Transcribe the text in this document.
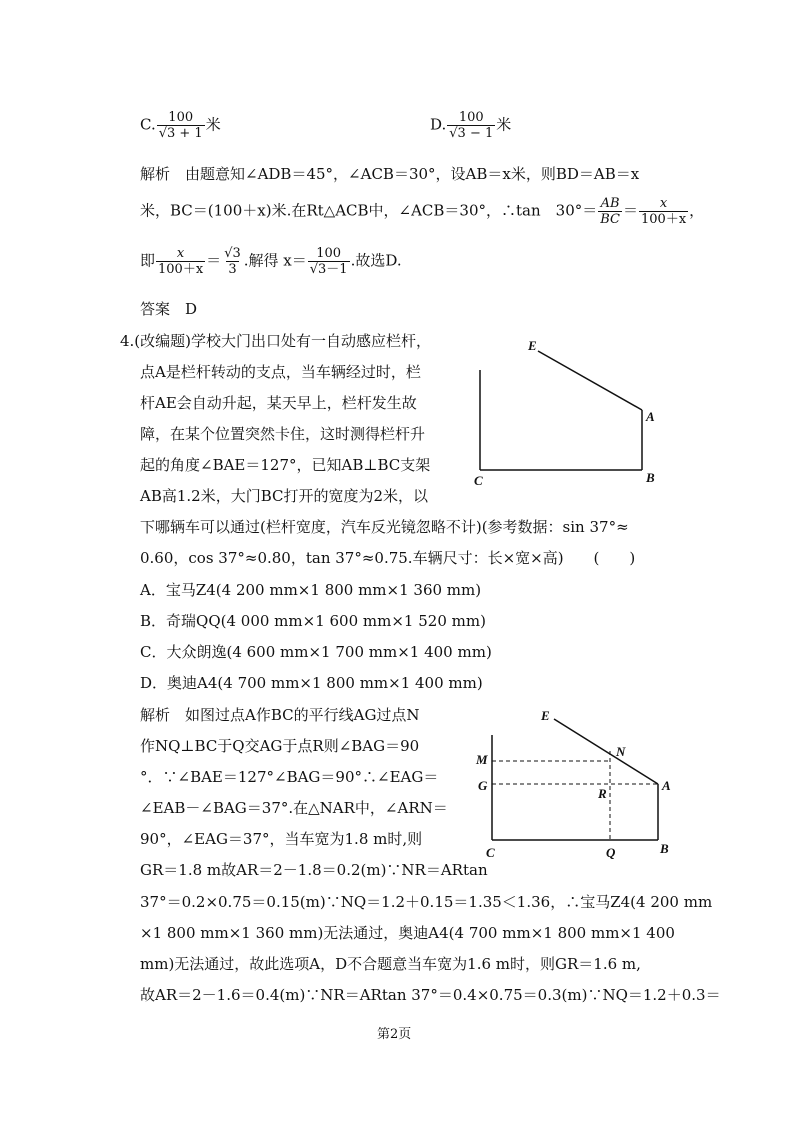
C. $\frac{100}{√3 + 1}$ 米	D. $\frac{100}{√3 - 1}$ 米
解析　由题意知∠ADB＝45°，∠ACB＝30°，设AB＝x米，则BD＝AB＝x
米，BC＝(100＋x)米.在Rt△ACB中，∠ACB＝30°，∴tan　$30^\circ= \frac{AB}{BC} = \frac{x}{100+x}$ ，
即 $\frac{x}{100+x} = \frac{√3}{3}$ .解得 $x= \frac{100}{√3-1}$ .故选D.
答案　D
4.(改编题)学校大门出口处有一自动感应栏杆，
点A是栏杆转动的支点，当车辆经过时，栏
杆AE会自动升起，某天早上，栏杆发生故
障，在某个位置突然卡住，这时测得栏杆升
起的角度∠BAE＝127°，已知AB⊥BC支架
AB高1.2米，大门BC打开的宽度为2米，以
下哪辆车可以通过(栏杆宽度，汽车反光镜忽略不计)(参考数据：sin 37°≈
0.60，cos 37°≈0.80，tan 37°≈0.75.车辆尺寸：长×宽×高)　　(　　)
A．宝马Z4(4 200 mm×1 800 mm×1 360 mm)
B．奇瑞QQ(4 000 mm×1 600 mm×1 520 mm)
C．大众朗逸(4 600 mm×1 700 mm×1 400 mm)
D．奥迪A4(4 700 mm×1 800 mm×1 400 mm)
E
A
B
C
解析　如图过点A作BC的平行线AG过点N
作NQ⊥BC于Q交AG于点R则∠BAG＝90
°．∵∠BAE＝127°∠BAG＝90°∴∠EAG＝
∠EAB－∠BAG＝37°.在△NAR中，∠ARN＝
90°，∠EAG＝37°，当车宽为1.8 m时,则
GR＝1.8 m故AR＝2－1.8＝0.2(m)∵NR＝ARtan
37°＝0.2×0.75＝0.15(m)∵NQ＝1.2＋0.15＝1.35＜1.36，∴宝马Z4(4 200 mm
×1 800 mm×1 360 mm)无法通过，奥迪A4(4 700 mm×1 800 mm×1 400
mm)无法通过，故此选项A，D不合题意当车宽为1.6 m时，则GR＝1.6 m,
故AR＝2－1.6＝0.4(m)∵NR＝ARtan 37°＝0.4×0.75＝0.3(m)∵NQ＝1.2＋0.3＝
E
N
M
G	A
R
C	Q	B
第2页
